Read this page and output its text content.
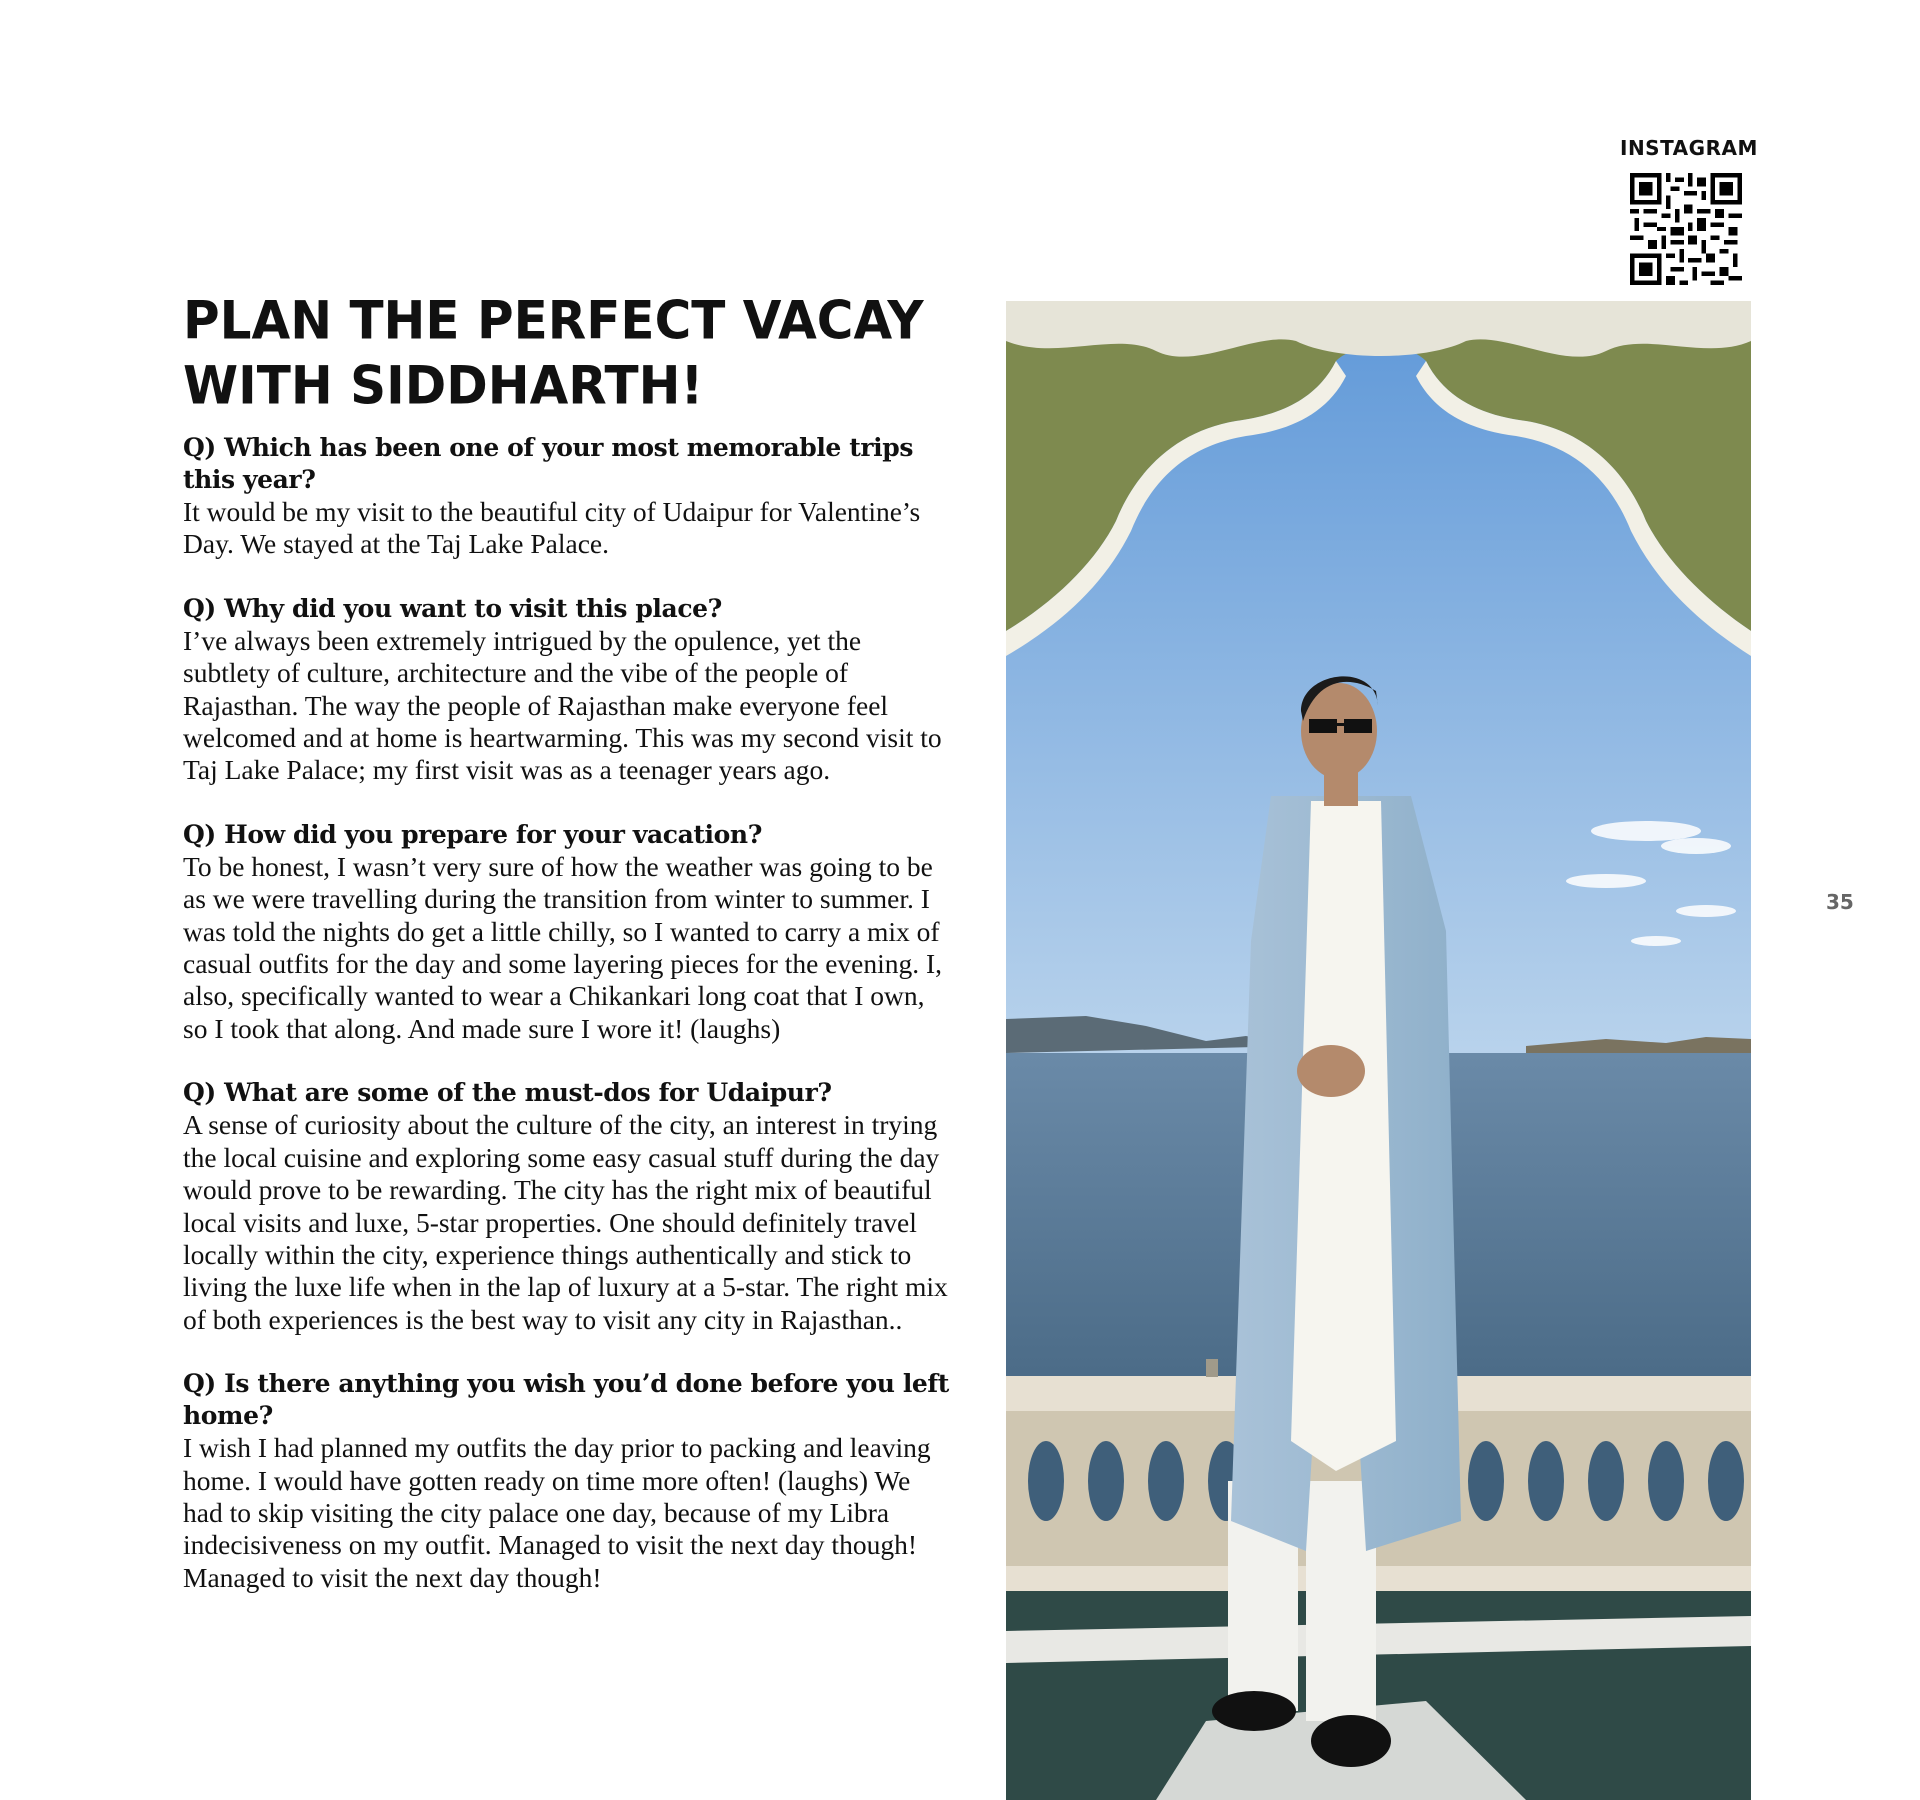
PLAN THE PERFECT VACAY
WITH SIDDHARTH!

Q) Which has been one of your most memorable trips this year?

It would be my visit to the beautiful city of Udaipur for Valentine’s Day. We stayed at the Taj Lake Palace.

Q) Why did you want to visit this place?

I’ve always been extremely intrigued by the opulence, yet the subtlety of culture, architecture and the vibe of the people of Rajasthan. The way the people of Rajasthan make everyone feel welcomed and at home is heartwarming. This was my second visit to Taj Lake Palace; my first visit was as a teenager years ago.

Q) How did you prepare for your vacation?

To be honest, I wasn’t very sure of how the weather was going to be as we were travelling during the transition from winter to summer. I was told the nights do get a little chilly, so I wanted to carry a mix of casual outfits for the day and some layering pieces for the evening. I, also, specifically wanted to wear a Chikankari long coat that I own, so I took that along. And made sure I wore it! (laughs)

Q) What are some of the must-dos for Udaipur?

A sense of curiosity about the culture of the city, an interest in trying the local cuisine and exploring some easy casual stuff during the day would prove to be rewarding. The city has the right mix of beautiful local visits and luxe, 5-star properties. One should definitely travel locally within the city, experience things authentically and stick to living the luxe life when in the lap of luxury at a 5-star. The right mix of both experiences is the best way to visit any city in Rajasthan..

Q) Is there anything you wish you’d done before you left home?

I wish I had planned my outfits the day prior to packing and leaving home. I would have gotten ready on time more often! (laughs) We had to skip visiting the city palace one day, because of my Libra indecisiveness on my outfit. Managed to visit the next day though! Managed to visit the next day though!

INSTAGRAM
35
